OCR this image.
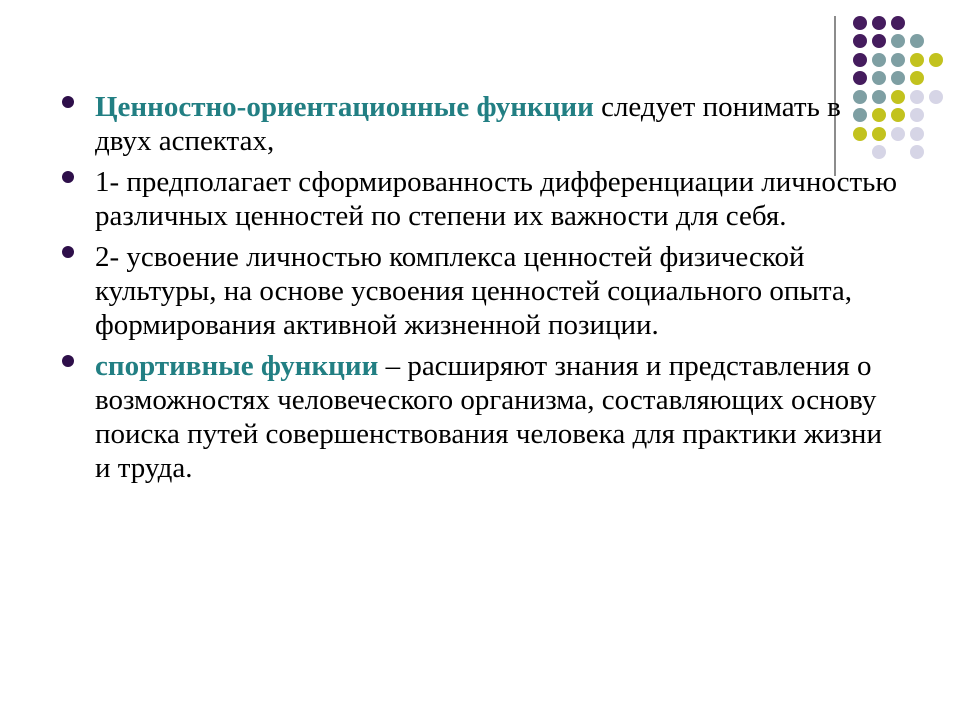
Ценностно-ориентационные функции следует понимать в двух аспектах,
1- предполагает сформированность дифференциации личностью различных ценностей по степени их важности для себя.
2- усвоение личностью комплекса ценностей физической культуры, на основе усвоения ценностей социального опыта, формирования активной жизненной позиции.
спортивные функции – расширяют знания и представления о возможностях человеческого организма, составляющих основу поиска путей совершенствования человека для практики жизни и труда.
